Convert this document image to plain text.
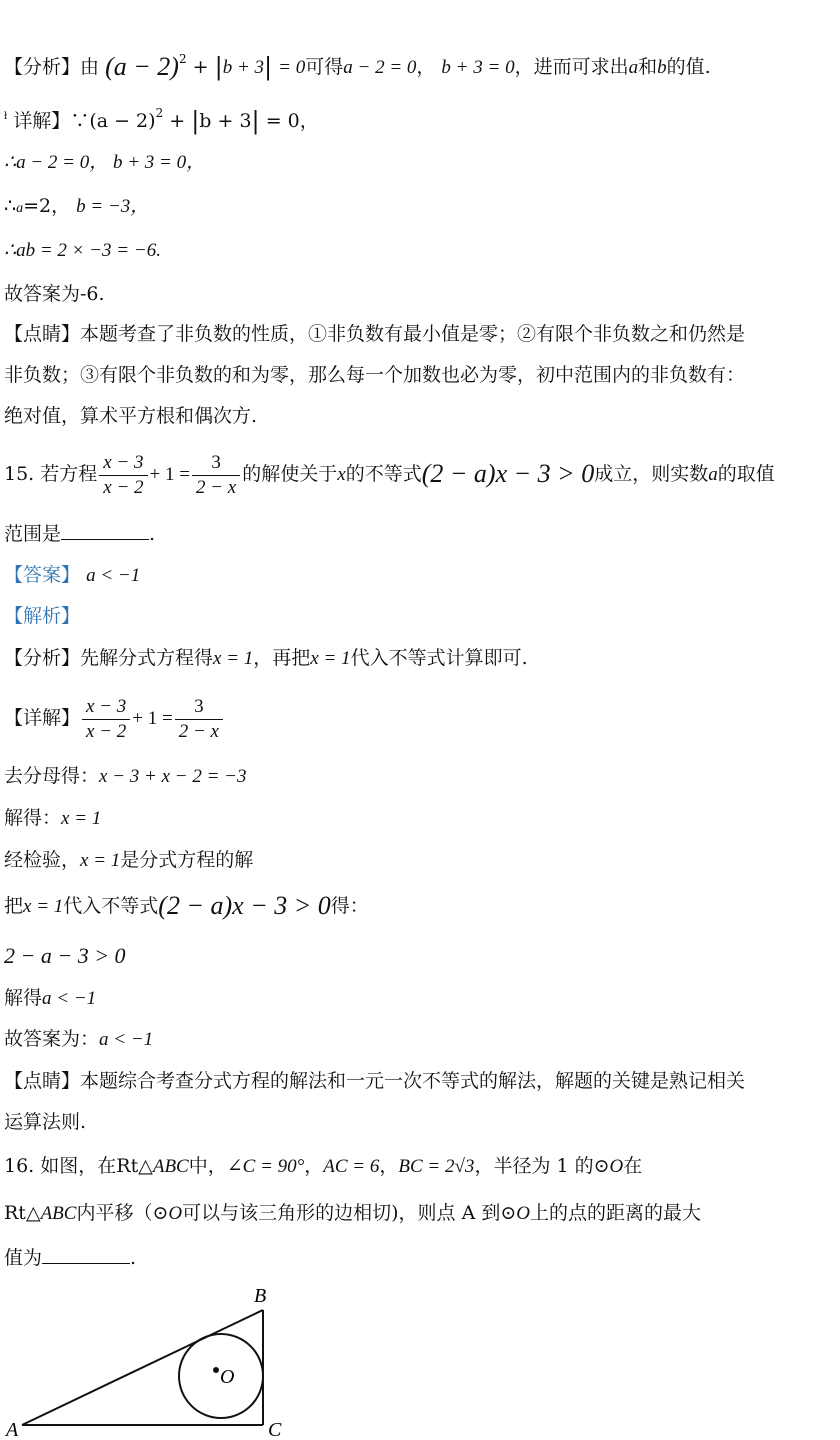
【分析】由 $(a - 2)^2 + |b + 3| = 0$可得a − 2 = 0， b + 3 = 0，进而可求出a和b的值.
$^ł$ 详解】∵(a − 2)$^2$ + |b + 3| = 0，
∴a − 2 = 0， b + 3 = 0，
∴a=2， b = −3，
∴ab = 2 × −3 = −6.
故答案为-6.
【点睛】本题考查了非负数的性质，①非负数有最小值是零；②有限个非负数之和仍然是
非负数；③有限个非负数的和为零，那么每一个加数也必为零，初中范围内的非负数有：
绝对值，算术平方根和偶次方.
15. 若方程 $\frac{x - 3}{x - 2} + 1 = \frac{3}{2 - x}$ 的解使关于x的不等式(2 − a)x − 3 > 0成立，则实数a的取值
范围是	.
【答案】 a < −1
【解析】
【分析】先解分式方程得x = 1，再把x = 1代入不等式计算即可.
【详解】 $\frac{x - 3}{x - 2} + 1 = \frac{3}{2 - x}$
去分母得：x − 3 + x − 2 = −3
解得：x = 1
经检验，x = 1是分式方程的解
把x = 1代入不等式(2 − a)x − 3 > 0得：
2 − a − 3 > 0
解得a < −1
故答案为：a < −1
【点睛】本题综合考查分式方程的解法和一元一次不等式的解法，解题的关键是熟记相关
运算法则.
16. 如图，在Rt△ABC中，∠C = 90°，AC = 6，BC = 2√3，半径为 1 的⊙O在
Rt△ABC内平移（⊙O可以与该三角形的边相切)，则点 A 到⊙O上的点的距离的最大
值为	.
O
A
B
C
